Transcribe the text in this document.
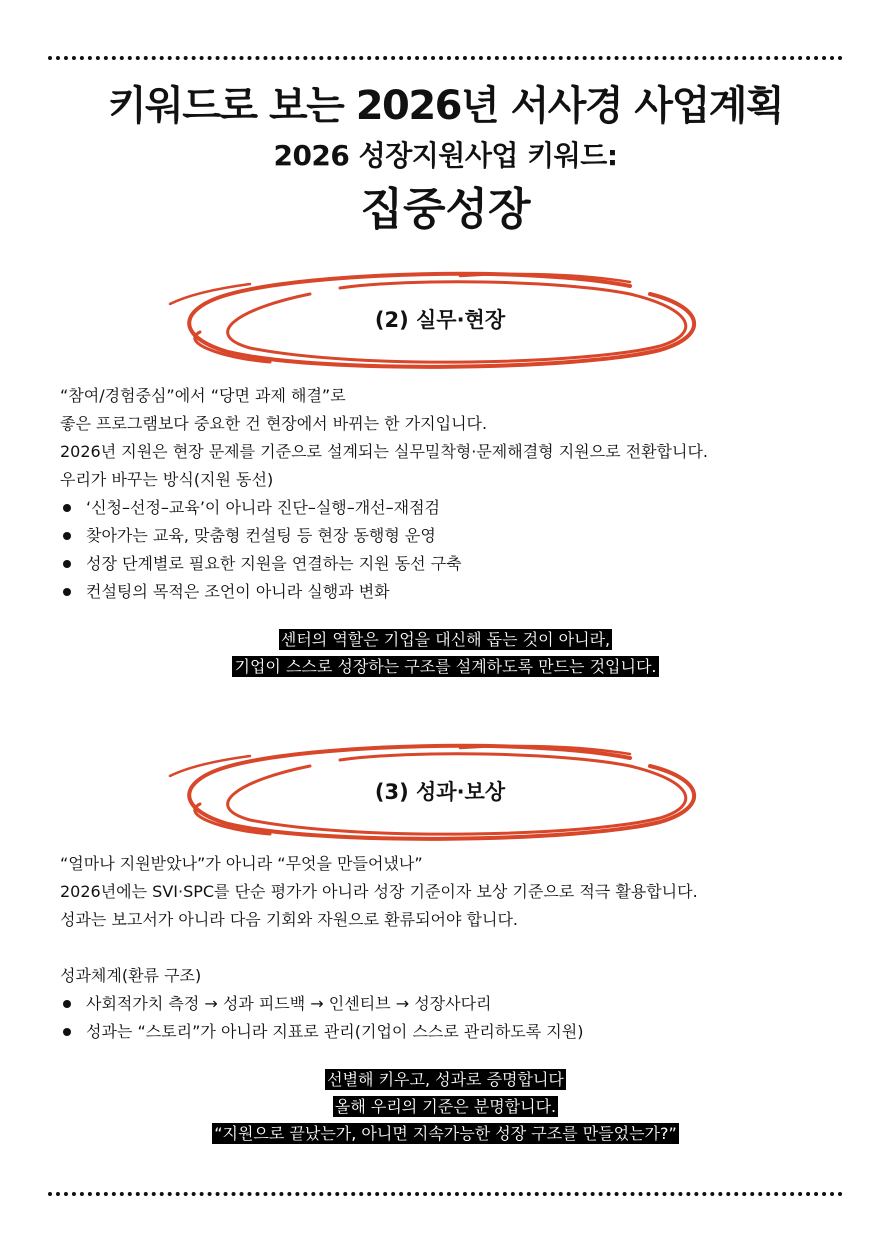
키워드로 보는 2026년 서사경 사업계획
2026 성장지원사업 키워드:
집중성장
(2) 실무·현장

“참여/경험중심”에서 “당면 과제 해결”로

좋은 프로그램보다 중요한 건 현장에서 바뀌는 한 가지입니다.

2026년 지원은 현장 문제를 기준으로 설계되는 실무밀착형·문제해결형 지원으로 전환합니다.

우리가 바꾸는 방식(지원 동선)

‘신청–선정–교육’이 아니라 진단–실행–개선–재점검
찾아가는 교육, 맞춤형 컨설팅 등 현장 동행형 운영
성장 단계별로 필요한 지원을 연결하는 지원 동선 구축
컨설팅의 목적은 조언이 아니라 실행과 변화
센터의 역할은 기업을 대신해 돕는 것이 아니라,
기업이 스스로 성장하는 구조를 설계하도록 만드는 것입니다.
(3) 성과·보상

“얼마나 지원받았나”가 아니라 “무엇을 만들어냈나”

2026년에는 SVI·SPC를 단순 평가가 아니라 성장 기준이자 보상 기준으로 적극 활용합니다.

성과는 보고서가 아니라 다음 기회와 자원으로 환류되어야 합니다.

성과체계(환류 구조)

사회적가치 측정 → 성과 피드백 → 인센티브 → 성장사다리
성과는 “스토리”가 아니라 지표로 관리(기업이 스스로 관리하도록 지원)
선별해 키우고, 성과로 증명합니다
올해 우리의 기준은 분명합니다.
“지원으로 끝났는가, 아니면 지속가능한 성장 구조를 만들었는가?”
